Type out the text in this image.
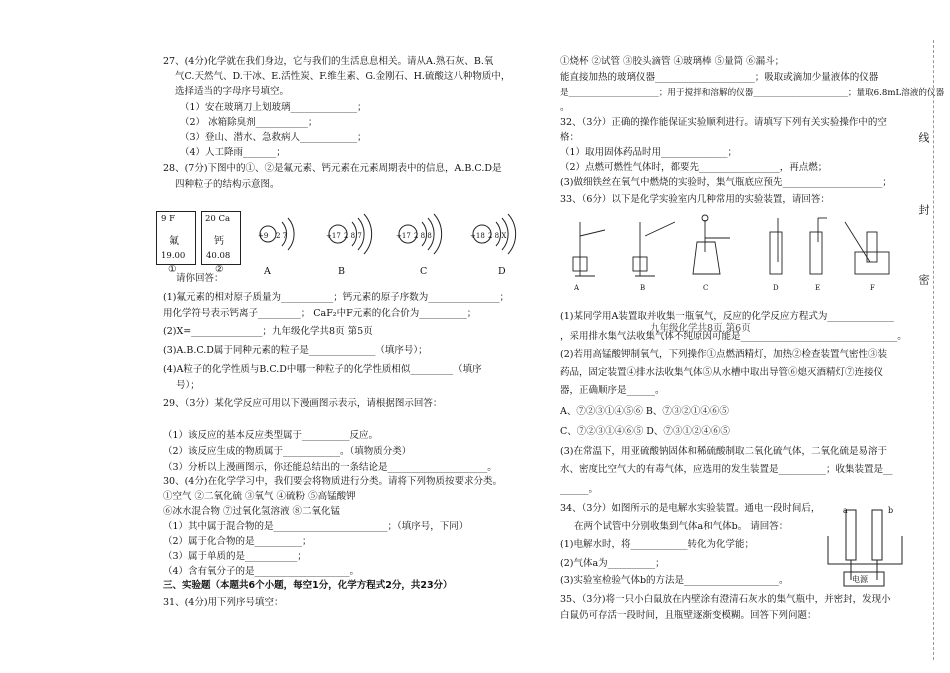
27、(4分)化学就在我们身边，它与我们的生活息息相关。请从A.熟石灰、B.氧
气C.天然气、D.干冰、E.活性炭、F.维生素、G.金刚石、H.硫酸这八种物质中，
选择适当的字母序号填空。
（1）安在玻璃刀上划玻璃______________；
（2） 冰箱除臭剂___________；
（3）登山、潜水、急救病人____________；
（4）人工降雨_______；
28、(7分)下图中的①、②是氟元素、钙元素在元素周期表中的信息，A.B.C.D是
四种粒子的结构示意图。
9 F
氟
19.00
①
20 Ca
钙
40.08
②
+9 2 7
A
+17 2 8 7
B
+17 2 8 8
C
+18 2 8 X
D
请你回答：
(1)氟元素的相对原子质量为___________；钙元素的原子序数为_______________；
用化学符号表示钙离子_________； CaF₂中F元素的化合价为__________；
(2)X=_______________； 九年级化学共8页 第5页
(3)A.B.C.D属于同种元素的粒子是______________（填序号）；
(4)A粒子的化学性质与B.C.D中哪一种粒子的化学性质相似_________（填序
号）；
29、（3分）某化学反应可用以下漫画图示表示，请根据图示回答：
（1）该反应的基本反应类型属于__________反应。
（2）该反应生成的物质属于____________。（填物质分类）
（3）分析以上漫画图示，你还能总结出的一条结论是_____________________。
30、(4分)在化学学习中，我们要会将物质进行分类。请将下列物质按要求分类。
①空气 ②二氧化硫 ③氧气 ④硫粉 ⑤高锰酸钾
⑥冰水混合物 ⑦过氧化氢溶液 ⑧二氧化锰
（1）其中属于混合物的是________________________；（填序号，下同）
（2）属于化合物的是__________；
（3）属于单质的是___________；
（4）含有氧分子的是____________________。
三、实验题（本题共6个小题，每空1分，化学方程式2分，共23分）
31、(4分)用下列序号填空：
①烧杯 ②试管 ③胶头滴管 ④玻璃棒 ⑤量筒 ⑥漏斗；
能直接加热的玻璃仪器_____________________；吸取或滴加少量液体的仪器
是_____________________；用于搅拌和溶解的仪器______________________；量取6.8mL溶液的仪器
。
32、（3分）正确的操作能保证实验顺利进行。请填写下列有关实验操作中的空
格：
（1）取用固体药品时用______________；
（2）点燃可燃性气体时，都要先_________________，再点燃；
(3)做细铁丝在氧气中燃烧的实验时，集气瓶底应预先_____________________；
33、（6分）以下是化学实验室内几种常用的实验装置，请回答：
A	B	C	D	E	F
(1)某同学用A装置取并收集一瓶氧气，反应的化学反应方程式为______________
九年级化学共8页 第6页
，采用排水集气法收集气体不纯原因可能是_________________________________。
(2)若用高锰酸钾制氧气，下列操作①点燃酒精灯，加热②检查装置气密性③装
药品，固定装置④排水法收集气体⑤从水槽中取出导管⑥熄灭酒精灯⑦连接仪
器，正确顺序是______。
A、⑦②③①④⑤⑥ B、⑦③②①④⑥⑤
C、⑦②③①④⑥⑤ D、⑦③①②④⑥⑤
(3)在常温下，用亚硫酸钠固体和稀硫酸制取二氧化硫气体，二氧化硫是易溶于
水、密度比空气大的有毒气体，应选用的发生装置是__________；收集装置是__
______。
34、（3分）如图所示的是电解水实验装置。通电一段时间后，
在两个试管中分别收集到气体a和气体b。 请回答：
(1)电解水时，将____________转化为化学能；
(2)气体a为__________；
(3)实验室检验气体b的方法是____________________。
a	b
电源
35、（3分)将一只小白鼠放在内壁涂有澄清石灰水的集气瓶中，并密封，发现小
白鼠仍可存活一段时间，且瓶壁逐渐变模糊。回答下列问题：
线
封
密
